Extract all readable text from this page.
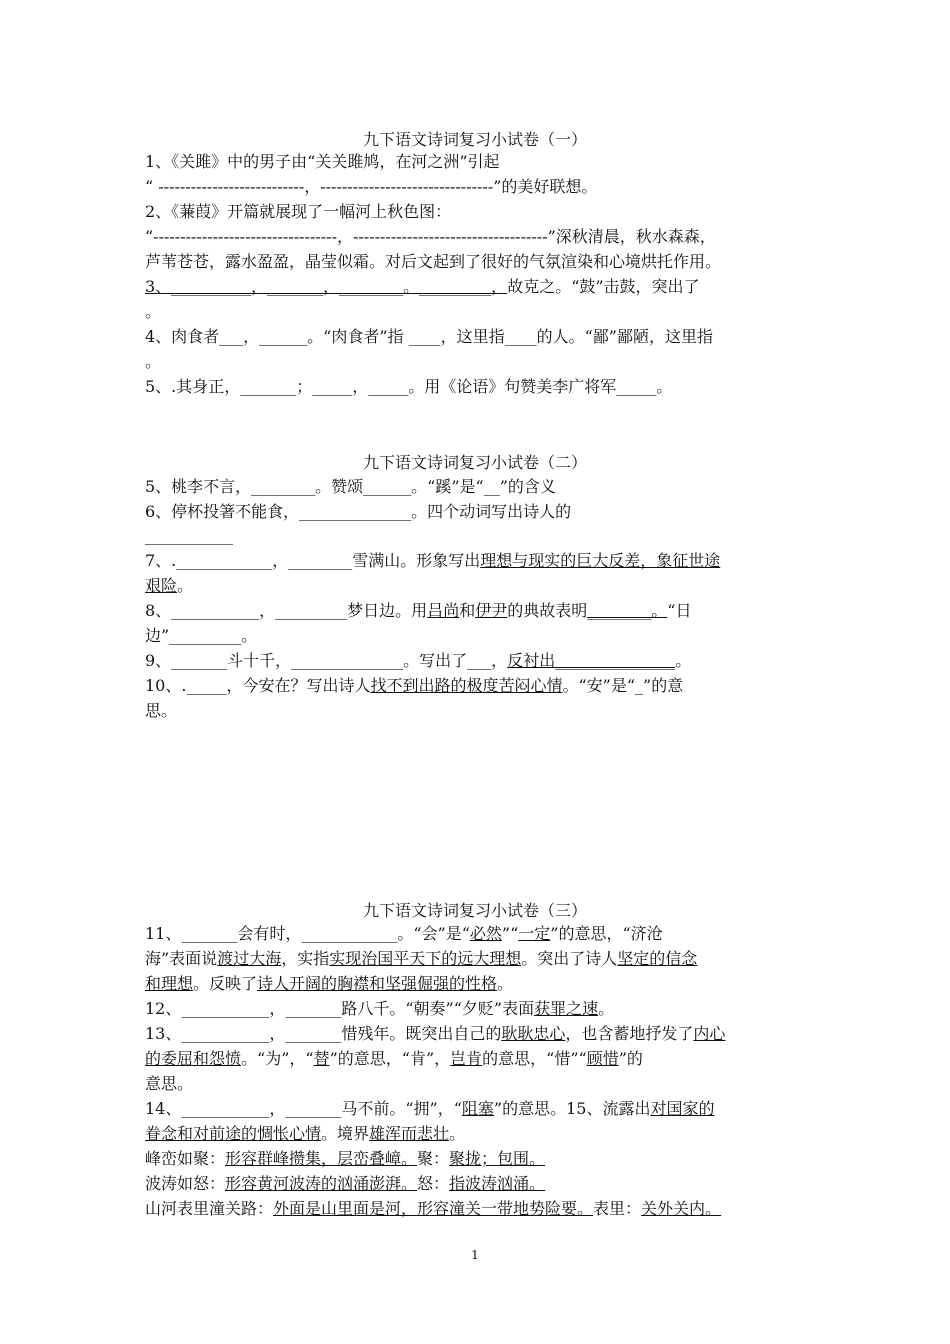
九下语文诗词复习小试卷（一）
1、《关雎》中的男子由“关关雎鸠，在河之洲”引起
“ ---------------------------，--------------------------------”的美好联想。
2、《蒹葭》开篇就展现了一幅河上秋色图：
“----------------------------------，------------------------------------”深秋清晨，秋水森森，
芦苇苍苍，露水盈盈，晶莹似霜。对后文起到了很好的气氛渲染和心境烘托作用。
3、__________，_______，________。_________，故克之。“鼓”击鼓，突出了
。
4、肉食者___，______。“肉食者”指 ____，这里指____的人。“鄙”鄙陋，这里指
。
5、.其身正，_______；_____，_____。用《论语》句赞美李广将军_____。
九下语文诗词复习小试卷（二）
5、桃李不言，________。赞颂______。“蹊”是“__”的含义
6、停杯投箸不能食，______________。四个动词写出诗人的
___________
7、.____________，________雪满山。形象写出理想与现实的巨大反差，象征世途
艰险。
8、___________，_________梦日边。用吕尚和伊尹的典故表明________。“日
边”_________。
9、_______斗十千，______________。写出了___，反衬出_______________。
10、._____，今安在？写出诗人找不到出路的极度苦闷心情。“安”是“_”的意
思。
九下语文诗词复习小试卷（三）
11、_______会有时，____________。“会”是“必然”“一定”的意思，“济沧
海”表面说渡过大海，实指实现治国平天下的远大理想。突出了诗人坚定的信念
和理想。反映了诗人开阔的胸襟和坚强倔强的性格。
12、___________，_______路八千。“朝奏”“夕贬”表面获罪之速。
13、___________，_______惜残年。既突出自己的耿耿忠心，也含蓄地抒发了内心
的委屈和怨愤。“为”，“替”的意思，“肯”，岂肯的意思，“惜”“顾惜”的
意思。
14、___________，_______马不前。“拥”，“阻塞”的意思。15、流露出对国家的
眷念和对前途的惆怅心情。境界雄浑而悲壮。
峰峦如聚：形容群峰攒集，层峦叠嶂。聚：聚拢；包围。
波涛如怒：形容黄河波涛的汹涌澎湃。怒：指波涛汹涌。
山河表里潼关路：外面是山里面是河，形容潼关一带地势险要。表里：关外关内。
1
